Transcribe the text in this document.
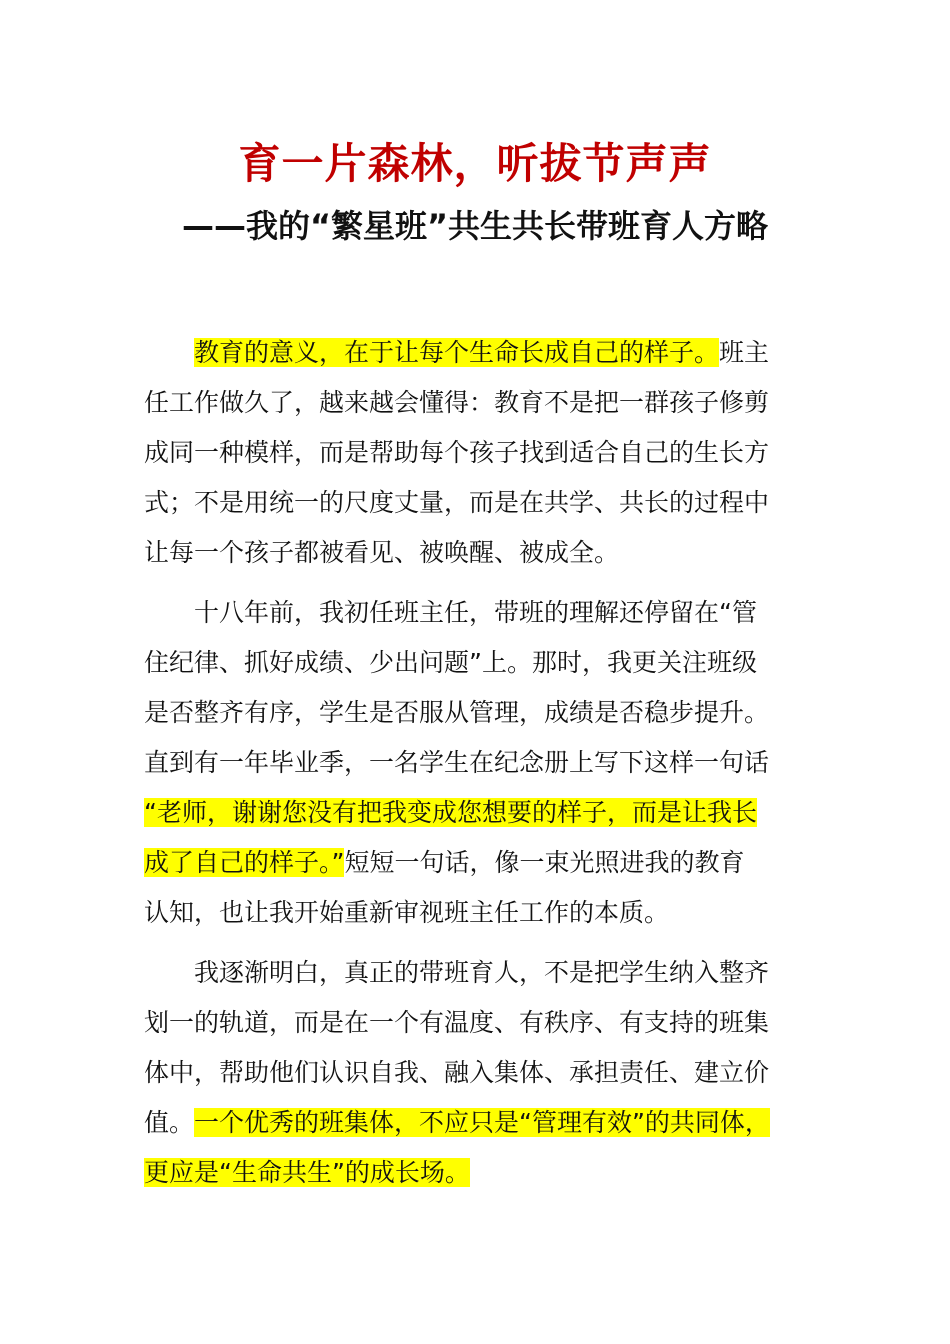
育一片森林，听拔节声声
——我的“繁星班”共生共长带班育人方略
教育的意义，在于让每个生命长成自己的样子。班主
任工作做久了，越来越会懂得：教育不是把一群孩子修剪
成同一种模样，而是帮助每个孩子找到适合自己的生长方
式；不是用统一的尺度丈量，而是在共学、共长的过程中
让每一个孩子都被看见、被唤醒、被成全。
十八年前，我初任班主任，带班的理解还停留在“管
住纪律、抓好成绩、少出问题”上。那时，我更关注班级
是否整齐有序，学生是否服从管理，成绩是否稳步提升。
直到有一年毕业季，一名学生在纪念册上写下这样一句话
“老师，谢谢您没有把我变成您想要的样子，而是让我长
成了自己的样子。”短短一句话，像一束光照进我的教育
认知，也让我开始重新审视班主任工作的本质。
我逐渐明白，真正的带班育人，不是把学生纳入整齐
划一的轨道，而是在一个有温度、有秩序、有支持的班集
体中，帮助他们认识自我、融入集体、承担责任、建立价
值。一个优秀的班集体，不应只是“管理有效”的共同体，
更应是“生命共生”的成长场。
